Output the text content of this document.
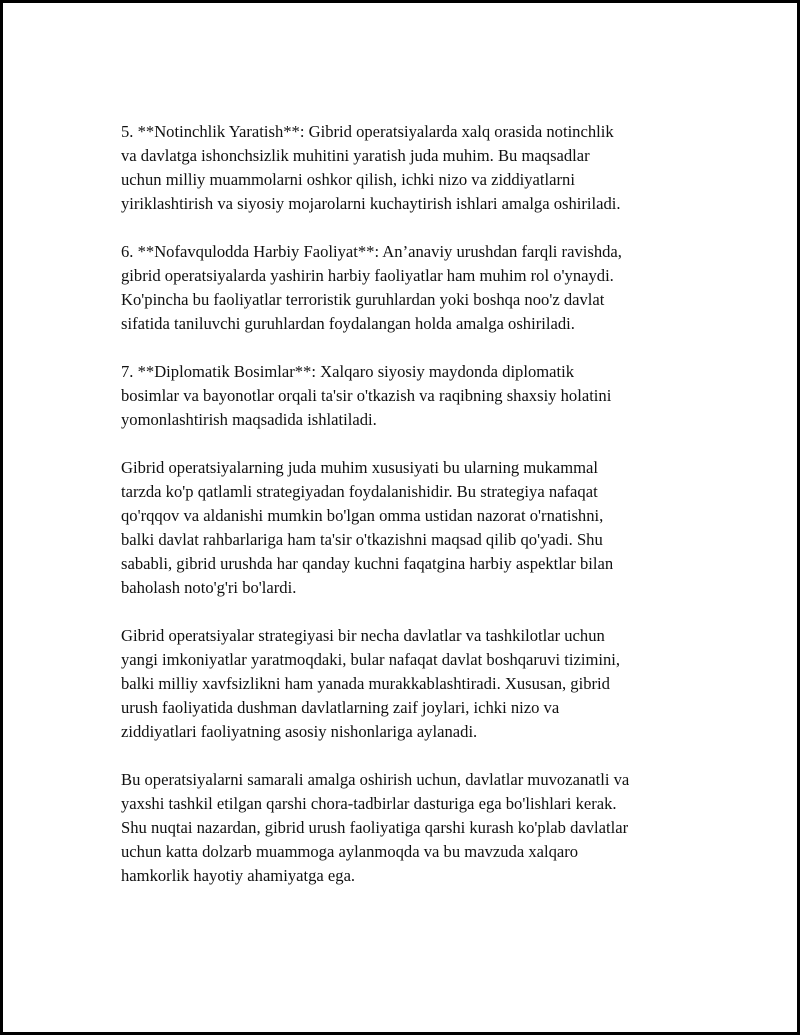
5. **Notinchlik Yaratish**: Gibrid operatsiyalarda xalq orasida notinchlik
va davlatga ishonchsizlik muhitini yaratish juda muhim. Bu maqsadlar
uchun milliy muammolarni oshkor qilish, ichki nizo va ziddiyatlarni
yiriklashtirish va siyosiy mojarolarni kuchaytirish ishlari amalga oshiriladi.

6. **Nofavqulodda Harbiy Faoliyat**: An’anaviy urushdan farqli ravishda,
gibrid operatsiyalarda yashirin harbiy faoliyatlar ham muhim rol o'ynaydi.
Ko'pincha bu faoliyatlar terroristik guruhlardan yoki boshqa noo'z davlat
sifatida taniluvchi guruhlardan foydalangan holda amalga oshiriladi.

7. **Diplomatik Bosimlar**: Xalqaro siyosiy maydonda diplomatik
bosimlar va bayonotlar orqali ta'sir o'tkazish va raqibning shaxsiy holatini
yomonlashtirish maqsadida ishlatiladi.

Gibrid operatsiyalarning juda muhim xususiyati bu ularning mukammal
tarzda ko'p qatlamli strategiyadan foydalanishidir. Bu strategiya nafaqat
qo'rqqov va aldanishi mumkin bo'lgan omma ustidan nazorat o'rnatishni,
balki davlat rahbarlariga ham ta'sir o'tkazishni maqsad qilib qo'yadi. Shu
sababli, gibrid urushda har qanday kuchni faqatgina harbiy aspektlar bilan
baholash noto'g'ri bo'lardi.

Gibrid operatsiyalar strategiyasi bir necha davlatlar va tashkilotlar uchun
yangi imkoniyatlar yaratmoqdaki, bular nafaqat davlat boshqaruvi tizimini,
balki milliy xavfsizlikni ham yanada murakkablashtiradi. Xususan, gibrid
urush faoliyatida dushman davlatlarning zaif joylari, ichki nizo va
ziddiyatlari faoliyatning asosiy nishonlariga aylanadi.

Bu operatsiyalarni samarali amalga oshirish uchun, davlatlar muvozanatli va
yaxshi tashkil etilgan qarshi chora-tadbirlar dasturiga ega bo'lishlari kerak.
Shu nuqtai nazardan, gibrid urush faoliyatiga qarshi kurash ko'plab davlatlar
uchun katta dolzarb muammoga aylanmoqda va bu mavzuda xalqaro
hamkorlik hayotiy ahamiyatga ega.
